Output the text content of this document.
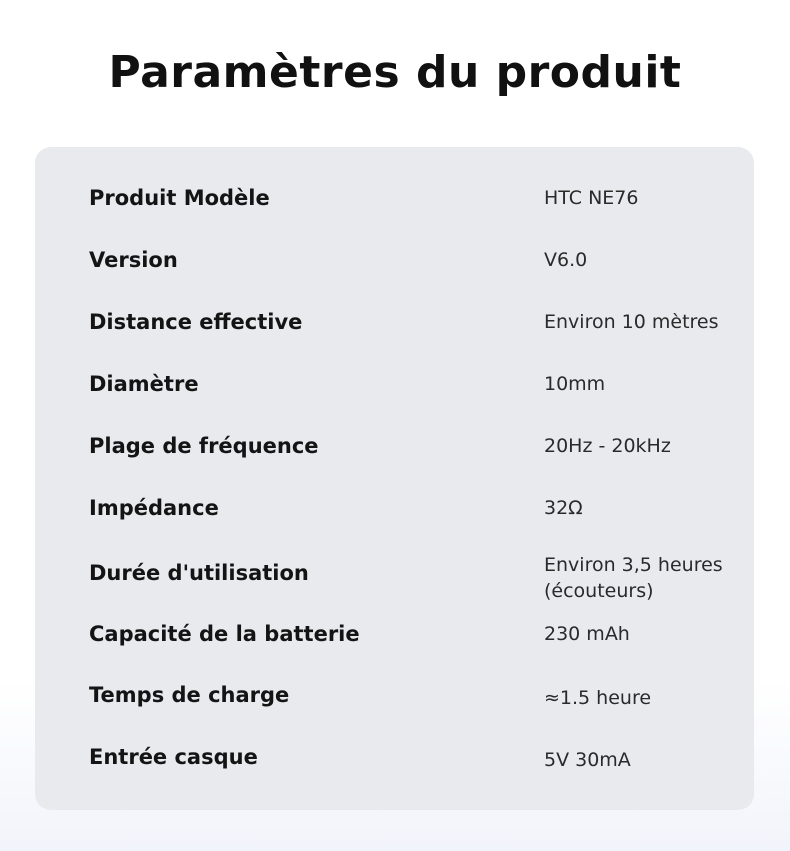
Paramètres du produit
Produit Modèle	HTC NE76
Version	V6.0
Distance effective	Environ 10 mètres
Diamètre	10mm
Plage de fréquence	20Hz - 20kHz
Impédance	32Ω
Durée d'utilisation	Environ 3,5 heures (écouteurs)
Capacité de la batterie	230 mAh
Temps de charge	≈1.5 heure
Entrée casque	5V 30mA
